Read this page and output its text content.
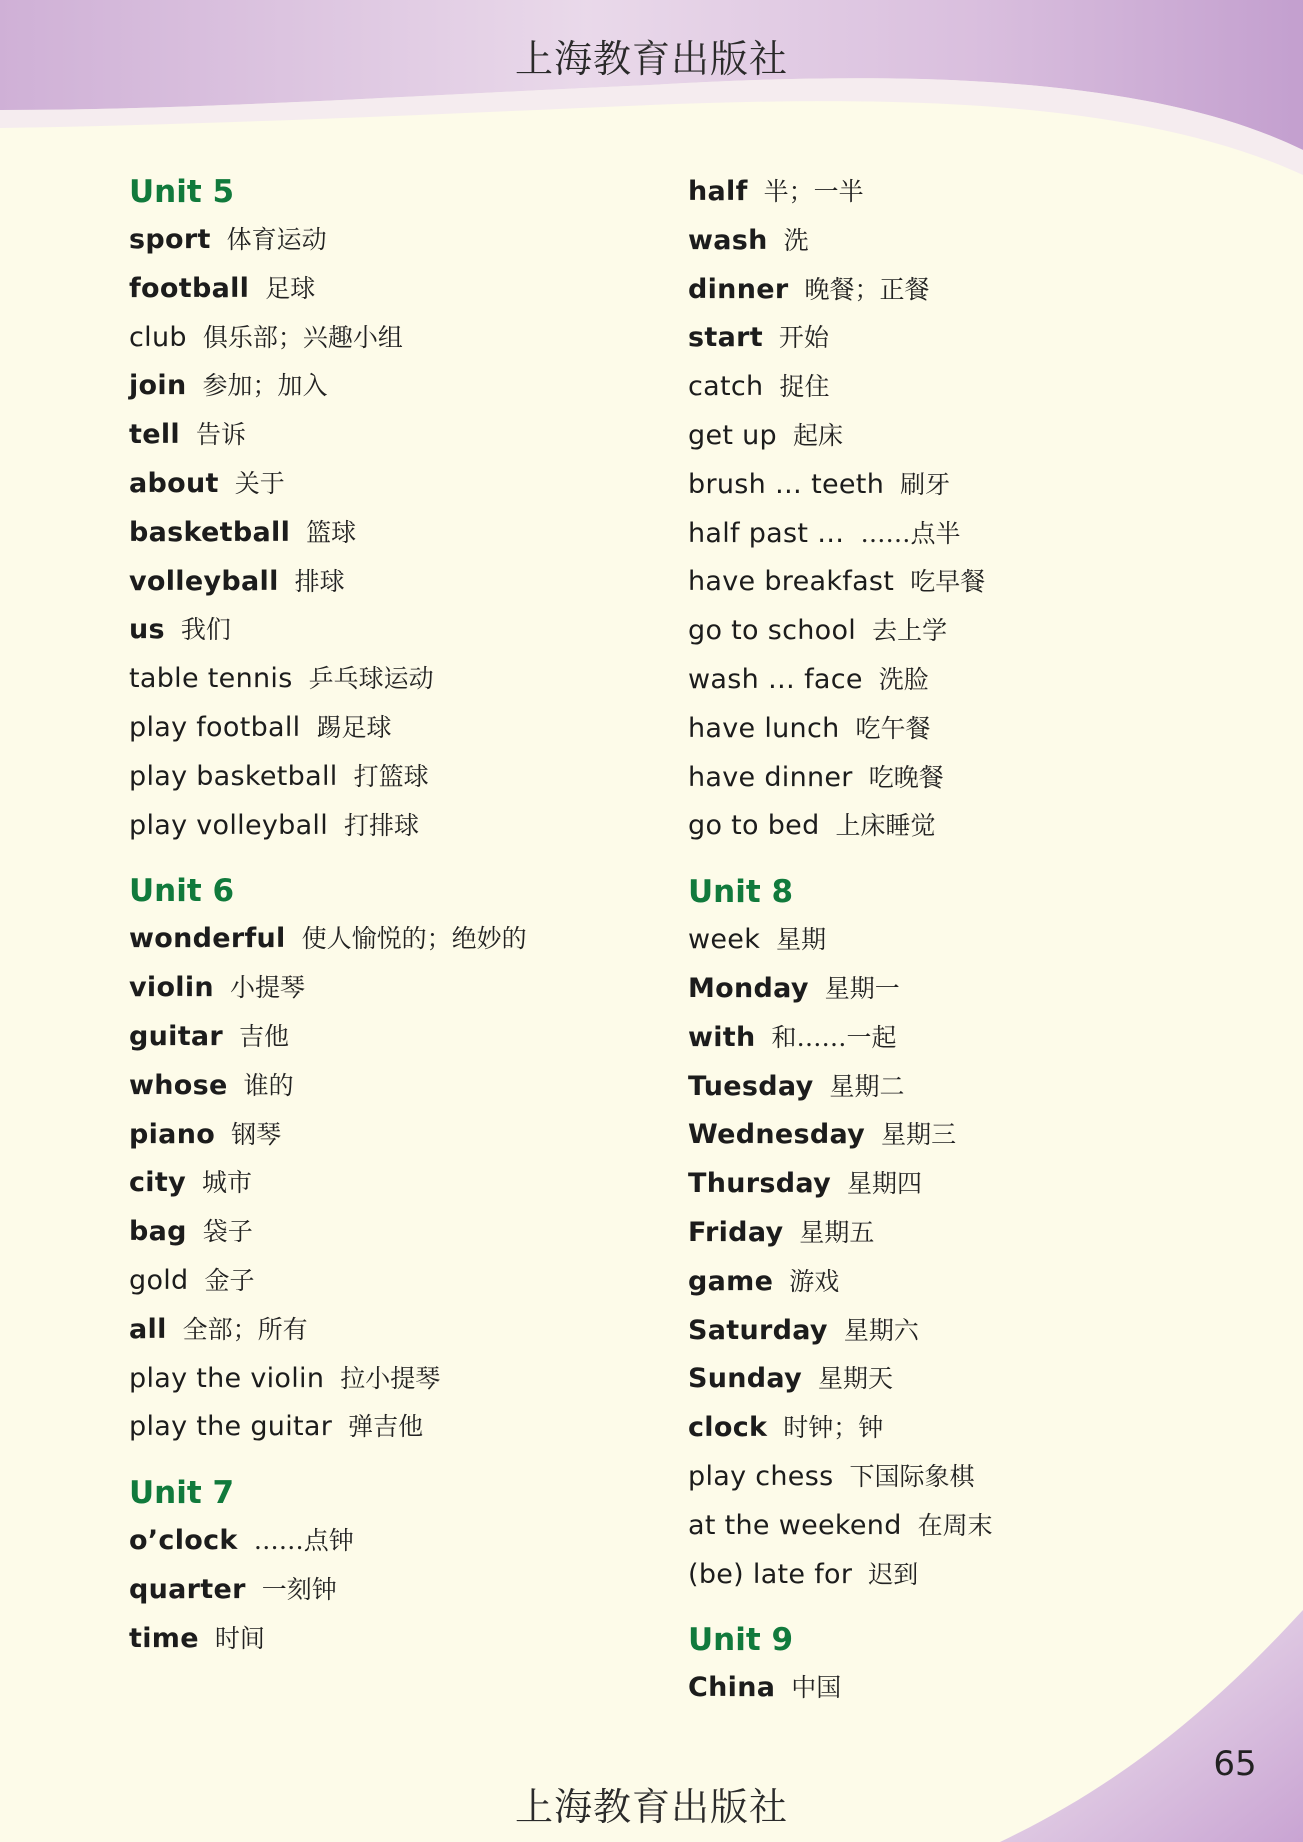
上海教育出版社
Unit 5
sport 体育运动
football 足球
club 俱乐部；兴趣小组
join 参加；加入
tell 告诉
about 关于
basketball 篮球
volleyball 排球
us 我们
table tennis 乒乓球运动
play football 踢足球
play basketball 打篮球
play volleyball 打排球
Unit 6
wonderful 使人愉悦的；绝妙的
violin 小提琴
guitar 吉他
whose 谁的
piano 钢琴
city 城市
bag 袋子
gold 金子
all 全部；所有
play the violin 拉小提琴
play the guitar 弹吉他
Unit 7
o’clock ……点钟
quarter 一刻钟
time 时间
half 半；一半
wash 洗
dinner 晚餐；正餐
start 开始
catch 捉住
get up 起床
brush … teeth 刷牙
half past … ……点半
have breakfast 吃早餐
go to school 去上学
wash … face 洗脸
have lunch 吃午餐
have dinner 吃晚餐
go to bed 上床睡觉
Unit 8
week 星期
Monday 星期一
with 和……一起
Tuesday 星期二
Wednesday 星期三
Thursday 星期四
Friday 星期五
game 游戏
Saturday 星期六
Sunday 星期天
clock 时钟；钟
play chess 下国际象棋
at the weekend 在周末
(be) late for 迟到
Unit 9
China 中国
65
上海教育出版社
